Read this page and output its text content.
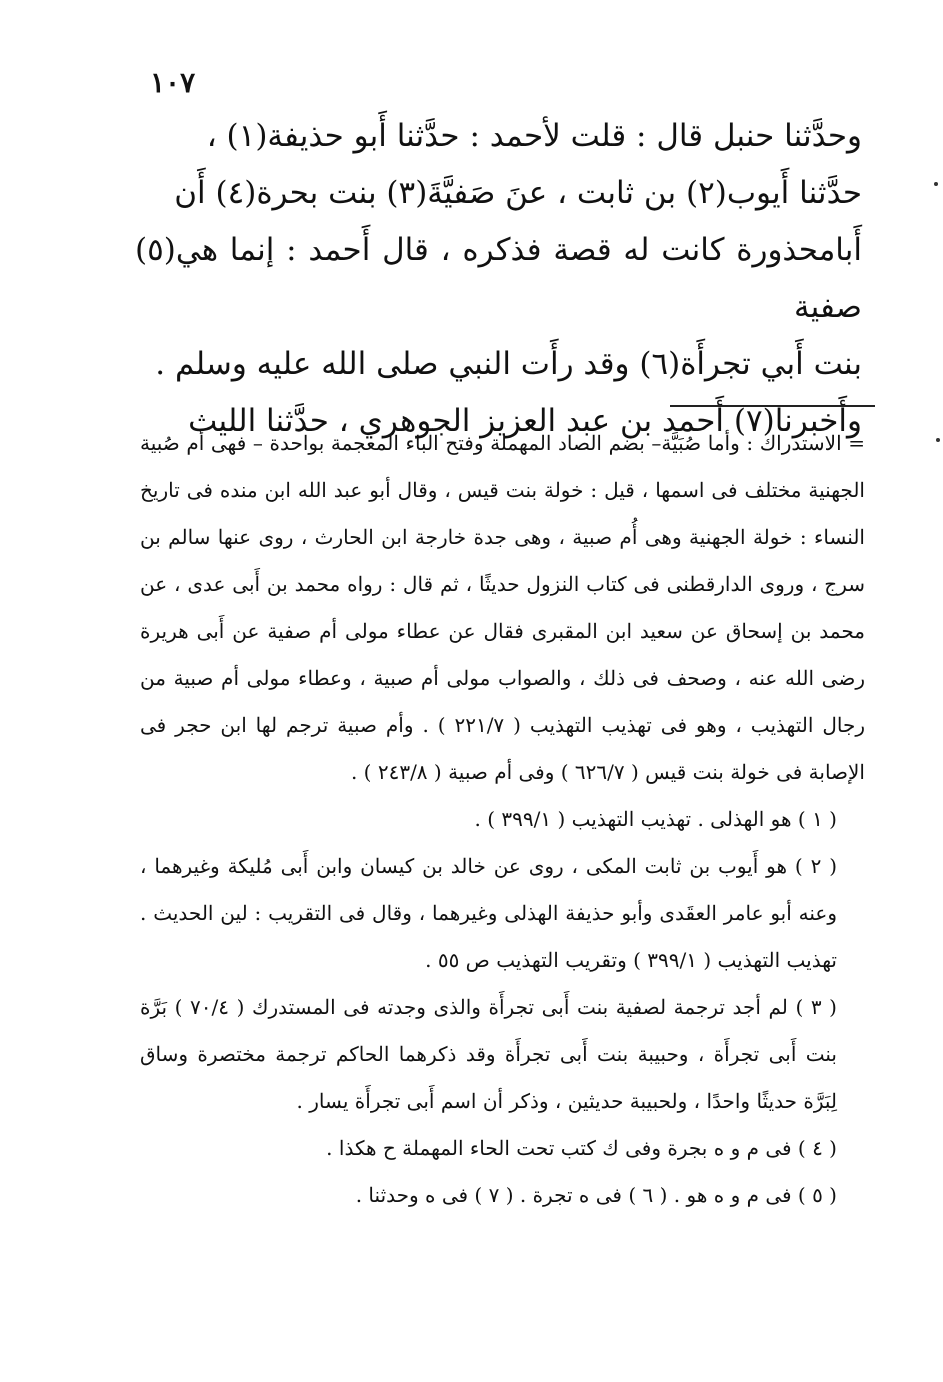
١٠٧

وحدَّثنا حنبل قال : قلت لأحمد : حدَّثنا أَبو حذيفة(١) ،

حدَّثنا أَيوب(٢) بن ثابت ، عنَ صَفيَّةَ(٣) بنت بحرة(٤) أَن

أَبامحذورة كانت له قصة فذكره ، قال أَحمد : إنما هي(٥) صفية

بنت أَبي تجرأَة(٦) وقد رأَت النبي صلى الله عليه وسلم .

وأَخبرنا(٧) أَحمد بن عبد العزيز الجوهري ، حدَّثنا الليث

= الاستدراك : وأما صُبَيَّة– بضم الصاد المهملة وفتح الباء المعجمة بواحدة – فهى أم صُبية الجهنية مختلف فى اسمها ، قيل : خولة بنت قيس ، وقال أبو عبد الله ابن منده فى تاريخ النساء : خولة الجهنية وهى أُم صبية ، وهى جدة خارجة ابن الحارث ، روى عنها سالم بن سرج ، وروى الدارقطنى فى كتاب النزول حديثًا ، ثم قال : رواه محمد بن أَبى عدى ، عن محمد بن إسحاق عن سعيد ابن المقبرى فقال عن عطاء مولى أم صفية عن أَبى هريرة رضى الله عنه ، وصحف فى ذلك ، والصواب مولى أم صبية ، وعطاء مولى أم صبية من رجال التهذيب ، وهو فى تهذيب التهذيب ( ٢٢١/٧ ) . وأم صبية ترجم لها ابن حجر فى الإصابة فى خولة بنت قيس ( ٦٢٦/٧ ) وفى أم صبية ( ٢٤٣/٨ ) .

( ١ ) هو الهذلى . تهذيب التهذيب ( ٣٩٩/١ ) .

( ٢ ) هو أَيوب بن ثابت المكى ، روى عن خالد بن كيسان وابن أَبى مُليكة وغيرهما ، وعنه أبو عامر العقَدى وأبو حذيفة الهذلى وغيرهما ، وقال فى التقريب : لين الحديث . تهذيب التهذيب ( ٣٩٩/١ ) وتقريب التهذيب ص ٥٥ .

( ٣ ) لم أجد ترجمة لصفية بنت أَبى تجرأَة والذى وجدته فى المستدرك ( ٧٠/٤ ) بَرَّة بنت أَبى تجرأَة ، وحبيبة بنت أَبى تجرأَة وقد ذكرهما الحاكم ترجمة مختصرة وساق لِبَرَّة حديثًا واحدًا ، ولحبيبة حديثين ، وذكر أن اسم أَبى تجرأَة يسار .

( ٤ ) فى م و ه بجرة وفى ك كتب تحت الحاء المهملة ح هكذا .

( ٥ ) فى م و ه هو . ( ٦ ) فى ه تجرة . ( ٧ ) فى ه وحدثنا .
